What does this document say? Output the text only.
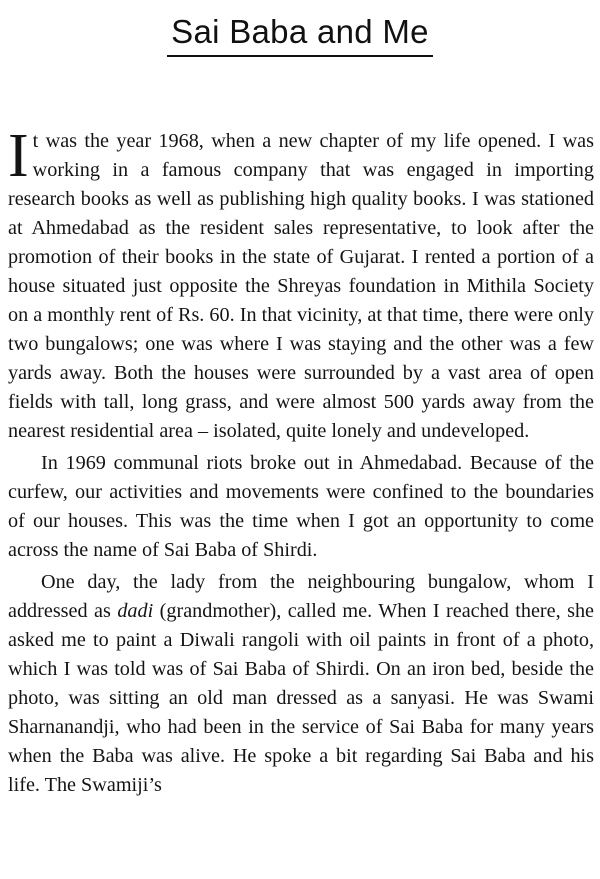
Sai Baba and Me

It was the year 1968, when a new chapter of my life opened. I was working in a famous company that was engaged in importing research books as well as publishing high quality books. I was stationed at Ahmedabad as the resident sales representative, to look after the promotion of their books in the state of Gujarat. I rented a portion of a house situated just opposite the Shreyas foundation in Mithila Society on a monthly rent of Rs. 60. In that vicinity, at that time, there were only two bungalows; one was where I was staying and the other was a few yards away. Both the houses were surrounded by a vast area of open fields with tall, long grass, and were almost 500 yards away from the nearest residential area – isolated, quite lonely and undeveloped.

In 1969 communal riots broke out in Ahmedabad. Because of the curfew, our activities and movements were confined to the boundaries of our houses. This was the time when I got an opportunity to come across the name of Sai Baba of Shirdi.

One day, the lady from the neighbouring bungalow, whom I addressed as dadi (grandmother), called me. When I reached there, she asked me to paint a Diwali rangoli with oil paints in front of a photo, which I was told was of Sai Baba of Shirdi. On an iron bed, beside the photo, was sitting an old man dressed as a sanyasi. He was Swami Sharnanandji, who had been in the service of Sai Baba for many years when the Baba was alive. He spoke a bit regarding Sai Baba and his life. The Swamiji’s
